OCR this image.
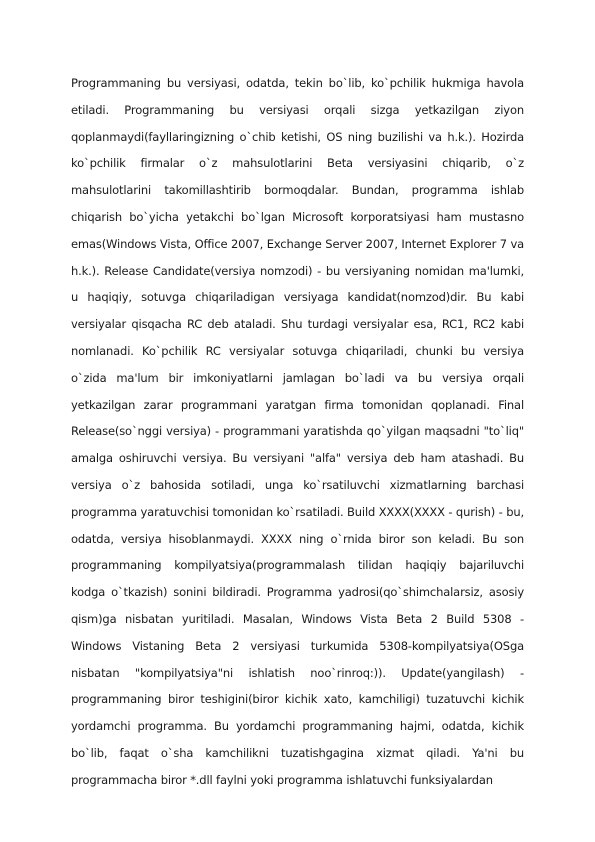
Programmaning bu versiyasi, odatda, tekin bo`lib, ko`pchilik hukmiga havola etiladi. Programmaning bu versiyasi orqali sizga yetkazilgan ziyon qoplanmaydi(fayllaringizning o`chib ketishi, OS ning buzilishi va h.k.). Hozirda ko`pchilik firmalar o`z mahsulotlarini Beta versiyasini chiqarib, o`z mahsulotlarini takomillashtirib bormoqdalar. Bundan, programma ishlab chiqarish bo`yicha yetakchi bo`lgan Microsoft korporatsiyasi ham mustasno emas(Windows Vista, Office 2007, Exchange Server 2007, Internet Explorer 7 va h.k.). Release Candidate(versiya nomzodi) - bu versiyaning nomidan ma'lumki, u haqiqiy, sotuvga chiqariladigan versiyaga kandidat(nomzod)dir. Bu kabi versiyalar qisqacha RC deb ataladi. Shu turdagi versiyalar esa, RC1, RC2 kabi nomlanadi. Ko`pchilik RC versiyalar sotuvga chiqariladi, chunki bu versiya o`zida ma'lum bir imkoniyatlarni jamlagan bo`ladi va bu versiya orqali yetkazilgan zarar programmani yaratgan firma tomonidan qoplanadi. Final Release(so`nggi versiya) - programmani yaratishda qo`yilgan maqsadni "to`liq" amalga oshiruvchi versiya. Bu versiyani "alfa" versiya deb ham atashadi. Bu versiya o`z bahosida sotiladi, unga ko`rsatiluvchi xizmatlarning barchasi programma yaratuvchisi tomonidan ko`rsatiladi. Build XXXX(XXXX - qurish) - bu, odatda, versiya hisoblanmaydi. XXXX ning o`rnida biror son keladi. Bu son programmaning kompilyatsiya(programmalash tilidan haqiqiy bajariluvchi kodga o`tkazish) sonini bildiradi. Programma yadrosi(qo`shimchalarsiz, asosiy qism)ga nisbatan yuritiladi. Masalan, Windows Vista Beta 2 Build 5308 - Windows Vistaning Beta 2 versiyasi turkumida 5308-kompilyatsiya(OSga nisbatan "kompilyatsiya"ni ishlatish noo`rinroq:)). Update(yangilash) - programmaning biror teshigini(biror kichik xato, kamchiligi) tuzatuvchi kichik yordamchi programma. Bu yordamchi programmaning hajmi, odatda, kichik bo`lib, faqat o`sha kamchilikni tuzatishgagina xizmat qiladi. Ya'ni bu programmacha biror *.dll faylni yoki programma ishlatuvchi funksiyalardan
